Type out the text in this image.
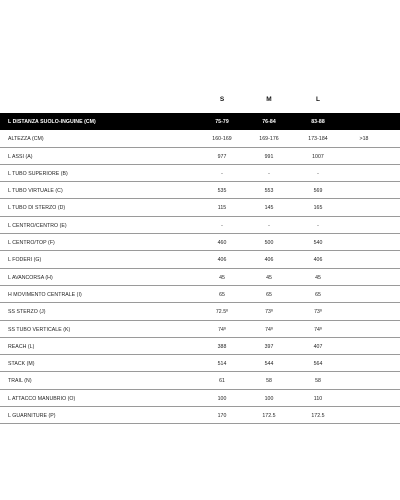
S	M	L
L DISTANZA SUOLO-INGUINE (CM)	75-79	76-84	83-88
ALTEZZA (CM)	160-169	169-176	173-184	>18
L ASSI (A)	977	991	1007
L TUBO SUPERIORE (B)	-	-	-
L TUBO VIRTUALE (C)	535	553	569
L TUBO DI STERZO (D)	115	145	165
L CENTRO/CENTRO (E)	-	-	-
L CENTRO/TOP (F)	460	500	540
L FODERI (G)	406	406	406
L AVANCORSA (H)	45	45	45
H MOVIMENTO CENTRALE (I)	65	65	65
SS STERZO (J)	72.5º	73º	73º
SS TUBO VERTICALE (K)	74º	74º	74º
REACH (L)	388	397	407
STACK (M)	514	544	564
TRAIL (N)	61	58	58
L ATTACCO MANUBRIO (O)	100	100	110
L GUARNITURE (P)	170	172.5	172.5
